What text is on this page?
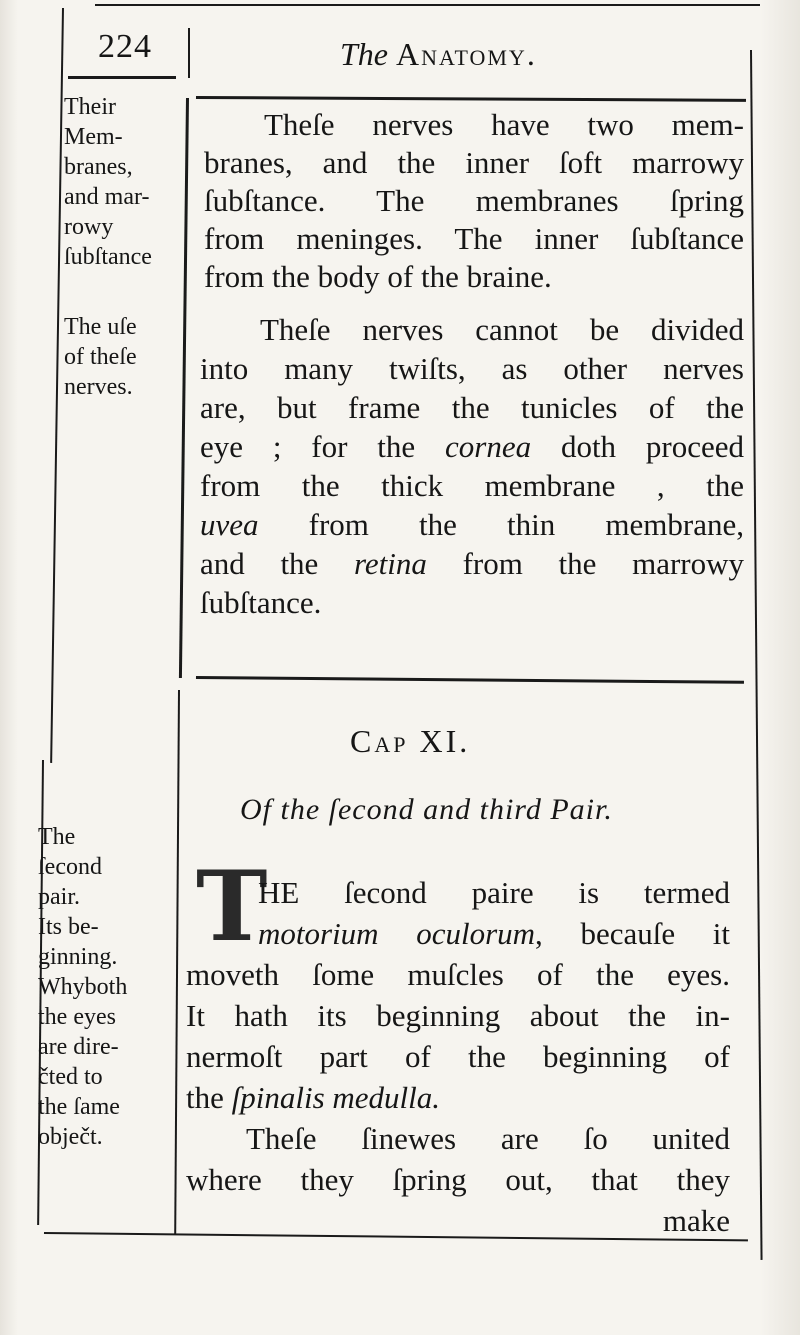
224	The Anatomy.
Their
Mem-
branes,
and mar-
rowy
ſubſtance
The uſe
of theſe
nerves.
The
ſecond
pair.
Its be-
ginning.
Whyboth
the eyes
are dire-
čted to
the ſame
obječt.
Theſe nerves have two mem-
branes, and the inner ſoft marrowy
ſubſtance. The membranes ſpring
from meninges. The inner ſubſtance
from the body of the braine.
Theſe nerves cannot be divided
into many twiſts, as other nerves
are, but frame the tunicles of the
eye ; for the cornea doth proceed
from the thick membrane , the
uvea from the thin membrane,
and the retina from the marrowy
ſubſtance.
Cap XI.
Of the ſecond and third Pair.
T
HE ſecond paire is termed
motorium oculorum, becauſe it
moveth ſome muſcles of the eyes.
It hath its beginning about the in-
nermoſt part of the beginning of
the ſpinalis medulla.
Theſe ſinewes are ſo united
where they ſpring out, that they
make
